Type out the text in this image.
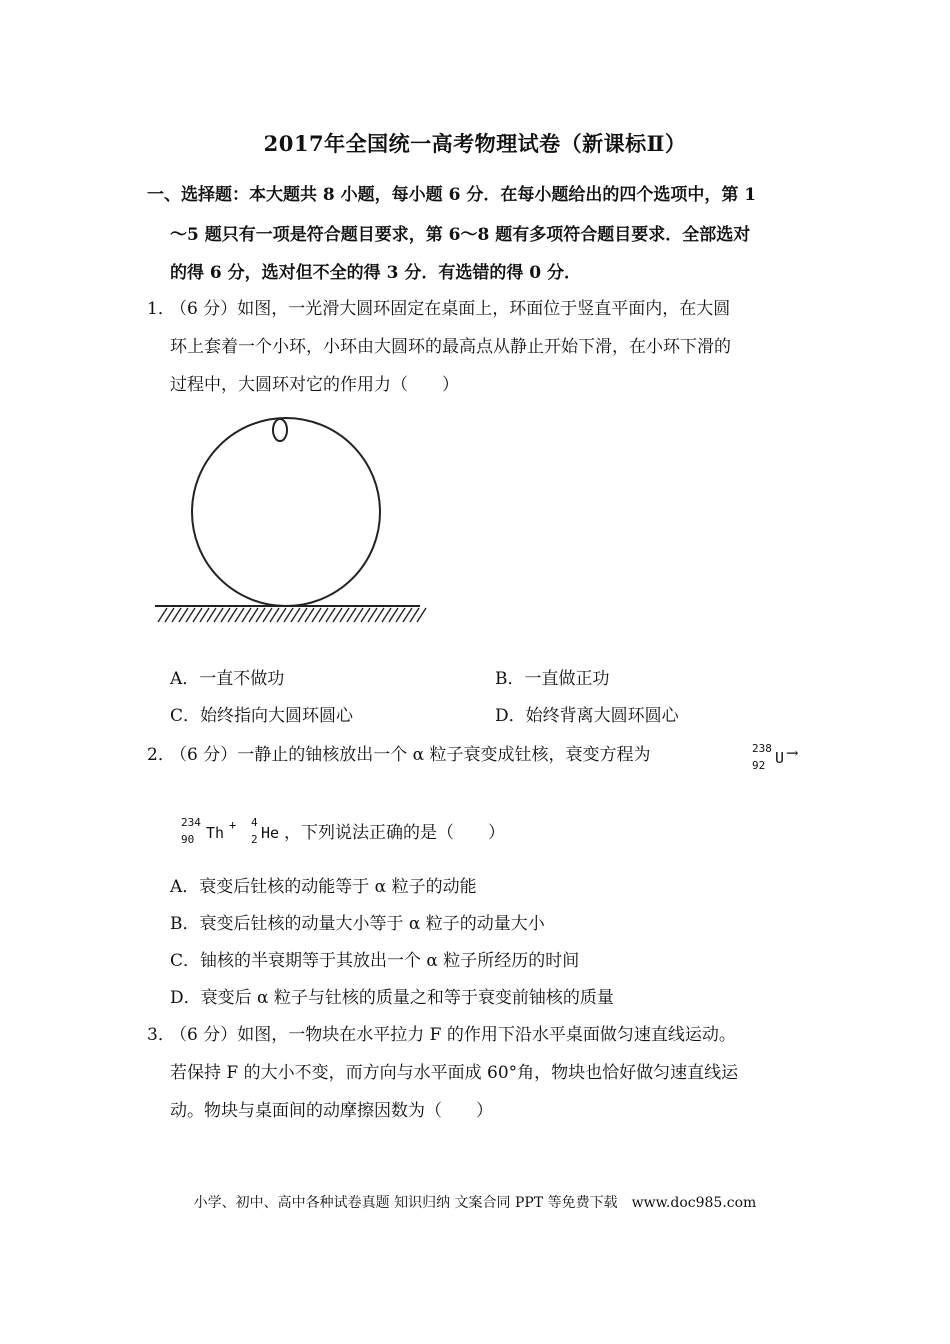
2017年全国统一高考物理试卷（新课标Ⅱ）
一、选择题：本大题共 8 小题，每小题 6 分．在每小题给出的四个选项中，第 1
～5 题只有一项是符合题目要求，第 6～8 题有多项符合题目要求．全部选对
的得 6 分，选对但不全的得 3 分．有选错的得 0 分．
1．
（6 分）如图，一光滑大圆环固定在桌面上，环面位于竖直平面内，在大圆
环上套着一个小环，小环由大圆环的最高点从静止开始下滑，在小环下滑的
过程中，大圆环对它的作用力（　　）
A．一直不做功	B．一直做正功
C．始终指向大圆环圆心	D．始终背离大圆环圆心
2．
（6 分）一静止的铀核放出一个 α 粒子衰变成钍核，衰变方程为	238
92 U →
234
90 Th + 4
2 He ，下列说法正确的是（　　）
A．衰变后钍核的动能等于 α 粒子的动能
B．衰变后钍核的动量大小等于 α 粒子的动量大小
C．铀核的半衰期等于其放出一个 α 粒子所经历的时间
D．衰变后 α 粒子与钍核的质量之和等于衰变前铀核的质量
3．
（6 分）如图，一物块在水平拉力 F 的作用下沿水平桌面做匀速直线运动。
若保持 F 的大小不变，而方向与水平面成 60°角，物块也恰好做匀速直线运
动。物块与桌面间的动摩擦因数为（　　）
小学、初中、高中各种试卷真题 知识归纳 文案合同 PPT 等免费下载　www.doc985.com
